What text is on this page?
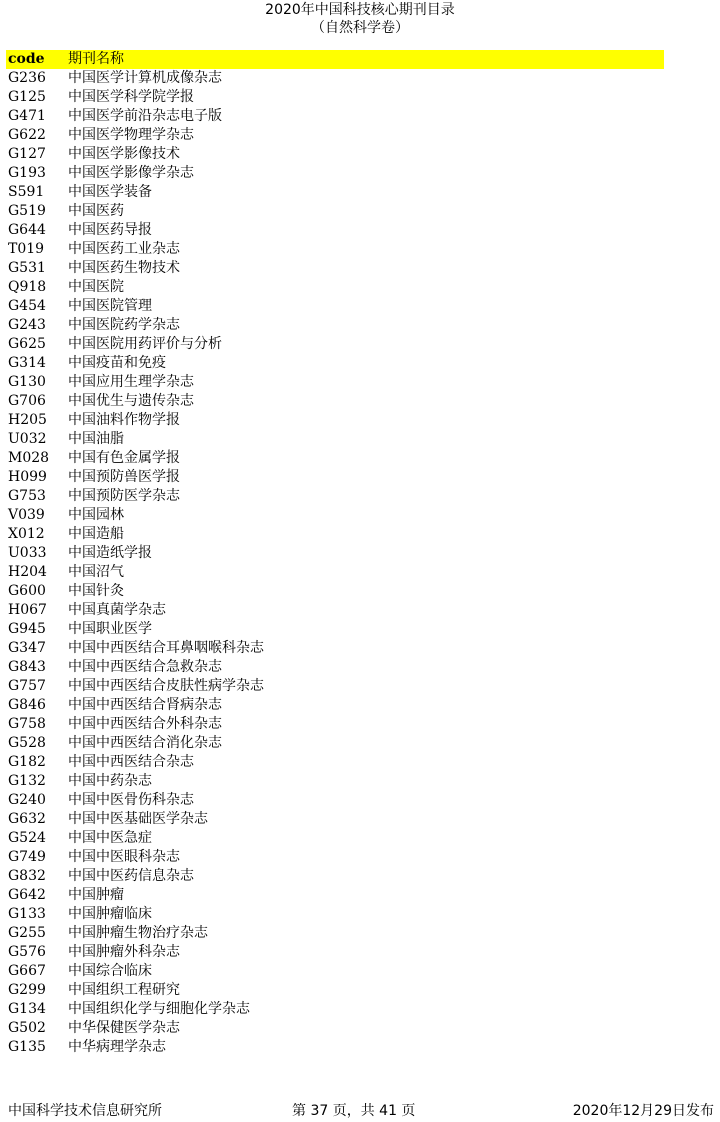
2020年中国科技核心期刊目录
（自然科学卷）
code 期刊名称
G236 中国医学计算机成像杂志
G125 中国医学科学院学报
G471 中国医学前沿杂志电子版
G622 中国医学物理学杂志
G127 中国医学影像技术
G193 中国医学影像学杂志
S591 中国医学装备
G519 中国医药
G644 中国医药导报
T019 中国医药工业杂志
G531 中国医药生物技术
Q918 中国医院
G454 中国医院管理
G243 中国医院药学杂志
G625 中国医院用药评价与分析
G314 中国疫苗和免疫
G130 中国应用生理学杂志
G706 中国优生与遗传杂志
H205 中国油料作物学报
U032 中国油脂
M028 中国有色金属学报
H099 中国预防兽医学报
G753 中国预防医学杂志
V039 中国园林
X012 中国造船
U033 中国造纸学报
H204 中国沼气
G600 中国针灸
H067 中国真菌学杂志
G945 中国职业医学
G347 中国中西医结合耳鼻咽喉科杂志
G843 中国中西医结合急救杂志
G757 中国中西医结合皮肤性病学杂志
G846 中国中西医结合肾病杂志
G758 中国中西医结合外科杂志
G528 中国中西医结合消化杂志
G182 中国中西医结合杂志
G132 中国中药杂志
G240 中国中医骨伤科杂志
G632 中国中医基础医学杂志
G524 中国中医急症
G749 中国中医眼科杂志
G832 中国中医药信息杂志
G642 中国肿瘤
G133 中国肿瘤临床
G255 中国肿瘤生物治疗杂志
G576 中国肿瘤外科杂志
G667 中国综合临床
G299 中国组织工程研究
G134 中国组织化学与细胞化学杂志
G502 中华保健医学杂志
G135 中华病理学杂志
中国科学技术信息研究所	第 37 页，共 41 页	2020年12月29日发布
